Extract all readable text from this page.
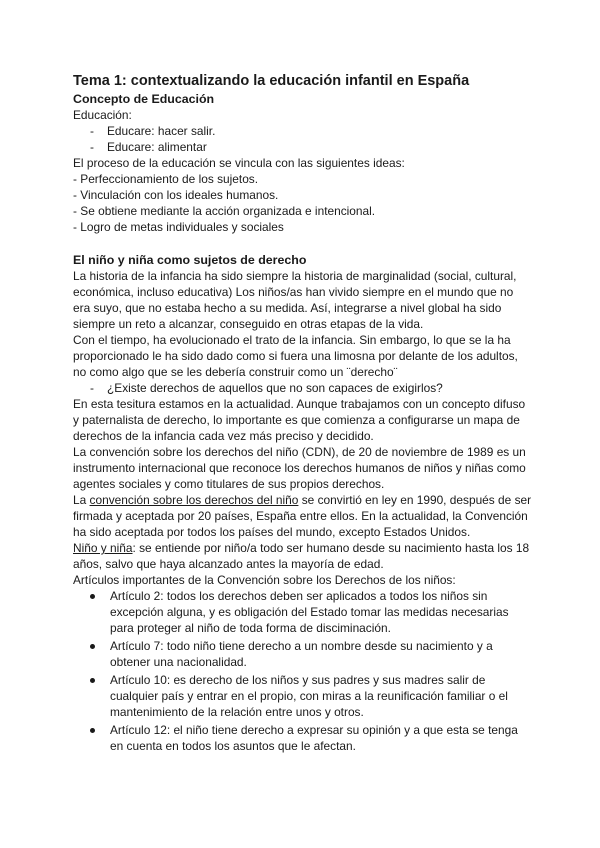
Tema 1: contextualizando la educación infantil en España
Concepto de Educación

Educación:

- Educare: hacer salir.
- Educare: alimentar

El proceso de la educación se vincula con las siguientes ideas:

- Perfeccionamiento de los sujetos.

- Vinculación con los ideales humanos.

- Se obtiene mediante la acción organizada e intencional.

- Logro de metas individuales y sociales

El niño y niña como sujetos de derecho

La historia de la infancia ha sido siempre la historia de marginalidad (social, cultural, económica, incluso educativa) Los niños/as han vivido siempre en el mundo que no era suyo, que no estaba hecho a su medida. Así, integrarse a nivel global ha sido siempre un reto a alcanzar, conseguido en otras etapas de la vida.

Con el tiempo, ha evolucionado el trato de la infancia. Sin embargo, lo que se la ha proporcionado le ha sido dado como si fuera una limosna por delante de los adultos, no como algo que se les debería construir como un ¨derecho¨

- ¿Existe derechos de aquellos que no son capaces de exigirlos?

En esta tesitura estamos en la actualidad. Aunque trabajamos con un concepto difuso y paternalista de derecho, lo importante es que comienza a configurarse un mapa de derechos de la infancia cada vez más preciso y decidido.

La convención sobre los derechos del niño (CDN), de 20 de noviembre de 1989 es un instrumento internacional que reconoce los derechos humanos de niños y niñas como agentes sociales y como titulares de sus propios derechos.

La convención sobre los derechos del niño se convirtió en ley en 1990, después de ser firmada y aceptada por 20 países, España entre ellos. En la actualidad, la Convención ha sido aceptada por todos los países del mundo, excepto Estados Unidos.

Niño y niña: se entiende por niño/a todo ser humano desde su nacimiento hasta los 18 años, salvo que haya alcanzado antes la mayoría de edad.

Artículos importantes de la Convención sobre los Derechos de los niños:

Artículo 2: todos los derechos deben ser aplicados a todos los niños sin excepción alguna, y es obligación del Estado tomar las medidas necesarias para proteger al niño de toda forma de disciminación.
Artículo 7: todo niño tiene derecho a un nombre desde su nacimiento y a obtener una nacionalidad.
Artículo 10: es derecho de los niños y sus padres y sus madres salir de cualquier país y entrar en el propio, con miras a la reunificación familiar o el mantenimiento de la relación entre unos y otros.
Artículo 12: el niño tiene derecho a expresar su opinión y a que esta se tenga en cuenta en todos los asuntos que le afectan.
